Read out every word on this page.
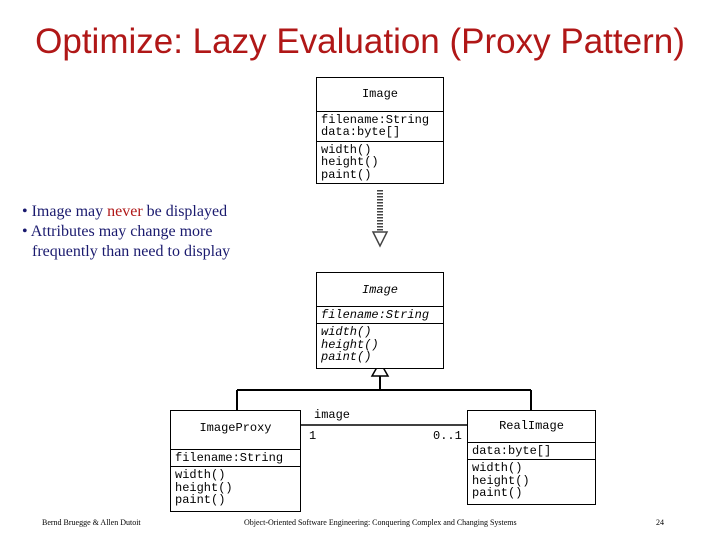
Optimize: Lazy Evaluation (Proxy Pattern)
Image
filename:String
data:byte[]
width()
height()
paint()
• Image may never be displayed
• Attributes may change more
frequently than need to display
Image
filename:String
width()
height()
paint()
ImageProxy
filename:String
width()
height()
paint()
RealImage
data:byte[]
width()
height()
paint()
image
1	0..1
Bernd Bruegge & Allen Dutoit	Object-Oriented Software Engineering: Conquering Complex and Changing Systems	24
